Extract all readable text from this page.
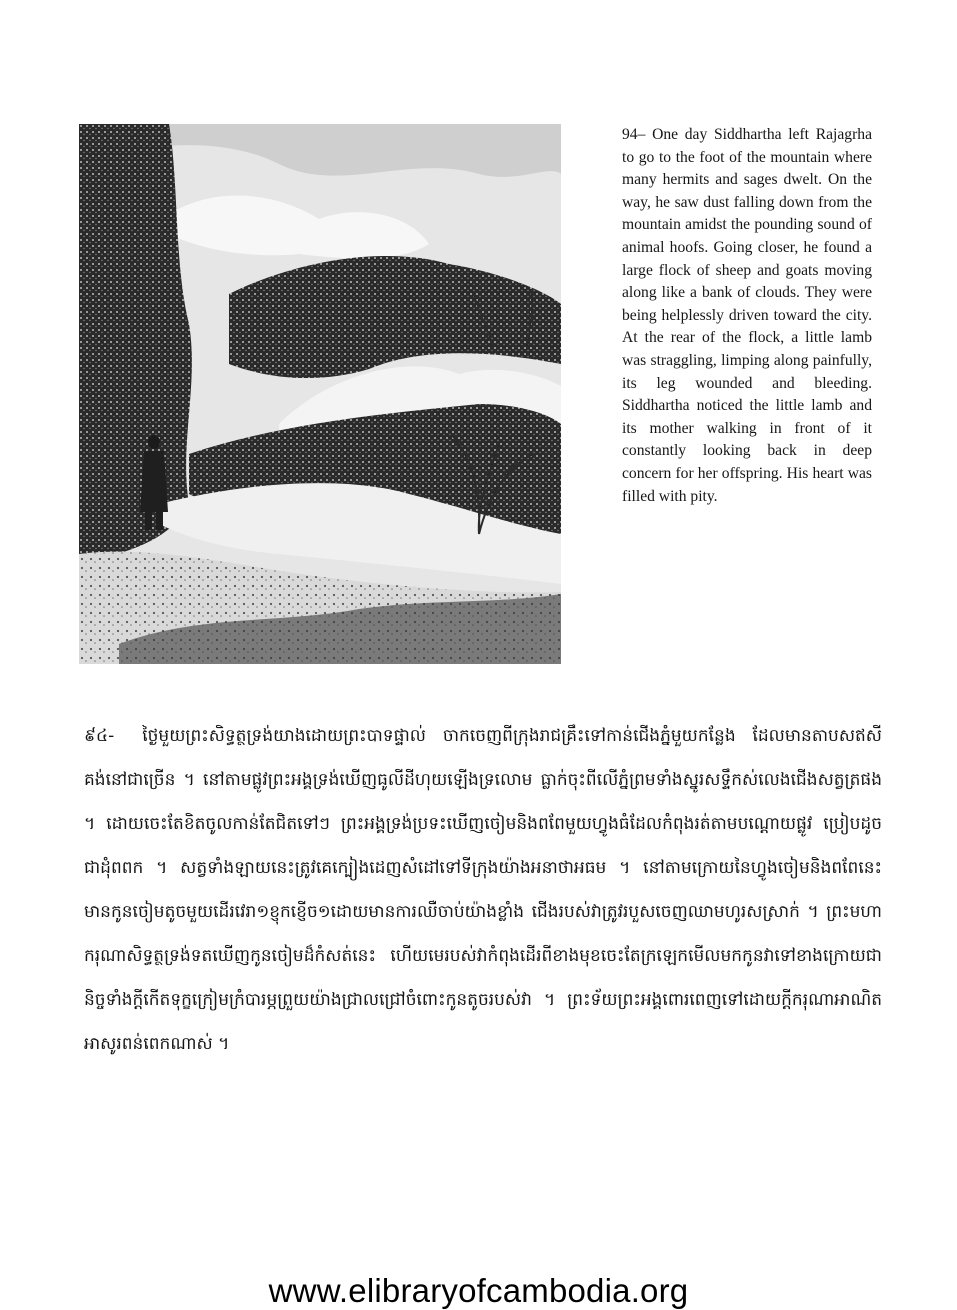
94– One day Siddhartha left Rajagrha to go to the foot of the mountain where many hermits and sages dwelt. On the way, he saw dust falling down from the mountain amidst the pounding sound of animal hoofs. Going closer, he found a large flock of sheep and goats moving along like a bank of clouds. They were being helplessly driven toward the city. At the rear of the flock, a little lamb was straggling, limping along painfully, its leg wounded and bleeding. Siddhartha noticed the little lamb and its mother walking in front of it constantly looking back in deep concern for her offspring. His heart was filled with pity.

៩៤- ថ្ងៃមួយព្រះសិទ្ធត្ថទ្រង់យាងដោយព្រះបាទផ្ទាល់ ចាកចេញពីក្រុងរាជគ្រឹះទៅកាន់ជើងភ្នំមួយកន្លែង ដែលមានតាបសឥសីគង់នៅជាច្រើន ។ នៅតាមផ្លូវព្រះអង្គទ្រង់ឃើញធូលីដីហុយឡើងទ្រលោម ធ្លាក់ចុះពីលើភ្នំព្រមទាំងស្នូរសទ្ទឹកស់លេងជើងសត្វត្រផង ។ ដោយចេះតែខិតចូលកាន់តែជិតទៅៗ ព្រះអង្គទ្រង់ប្រទះឃើញចៀមនិងពពែមួយហ្វូងធំដែលកំពុងរត់តាមបណ្តោយផ្លូវ ប្រៀបដូចជាដុំពពក ។ សត្វទាំងឡាយនេះត្រូវគេក្បៀងដេញសំដៅទៅទីក្រុងយ៉ាងអនាថាអធម ។ នៅតាមក្រោយនៃហ្វូងចៀមនិងពពែនេះ មានកូនចៀមតូចមួយដើរវេរា១ខ្ញុកខ្ញើច១ដោយមានការឈឺចាប់យ៉ាងខ្លាំង ជើងរបស់វាត្រូវរបួសចេញឈាមហូរសស្រាក់ ។ ព្រះមហាករុណាសិទ្ធត្ថទ្រង់ទតឃើញកូនចៀមដ៏កំសត់នេះ ហើយមេរបស់វាកំពុងដើរពីខាងមុខចេះតែក្រឡេកមើលមកកូនវាទៅខាងក្រោយជានិច្ចទាំងក្តីកើតទុក្ខក្រៀមក្រំបារម្ភព្រួយយ៉ាងជ្រាលជ្រៅចំពោះកូនតូចរបស់វា ។ ព្រះទ័យព្រះអង្គពោរពេញទៅដោយក្តីករុណាអាណិតអាសូរពន់ពេកណាស់ ។

www.elibraryofcambodia.org
